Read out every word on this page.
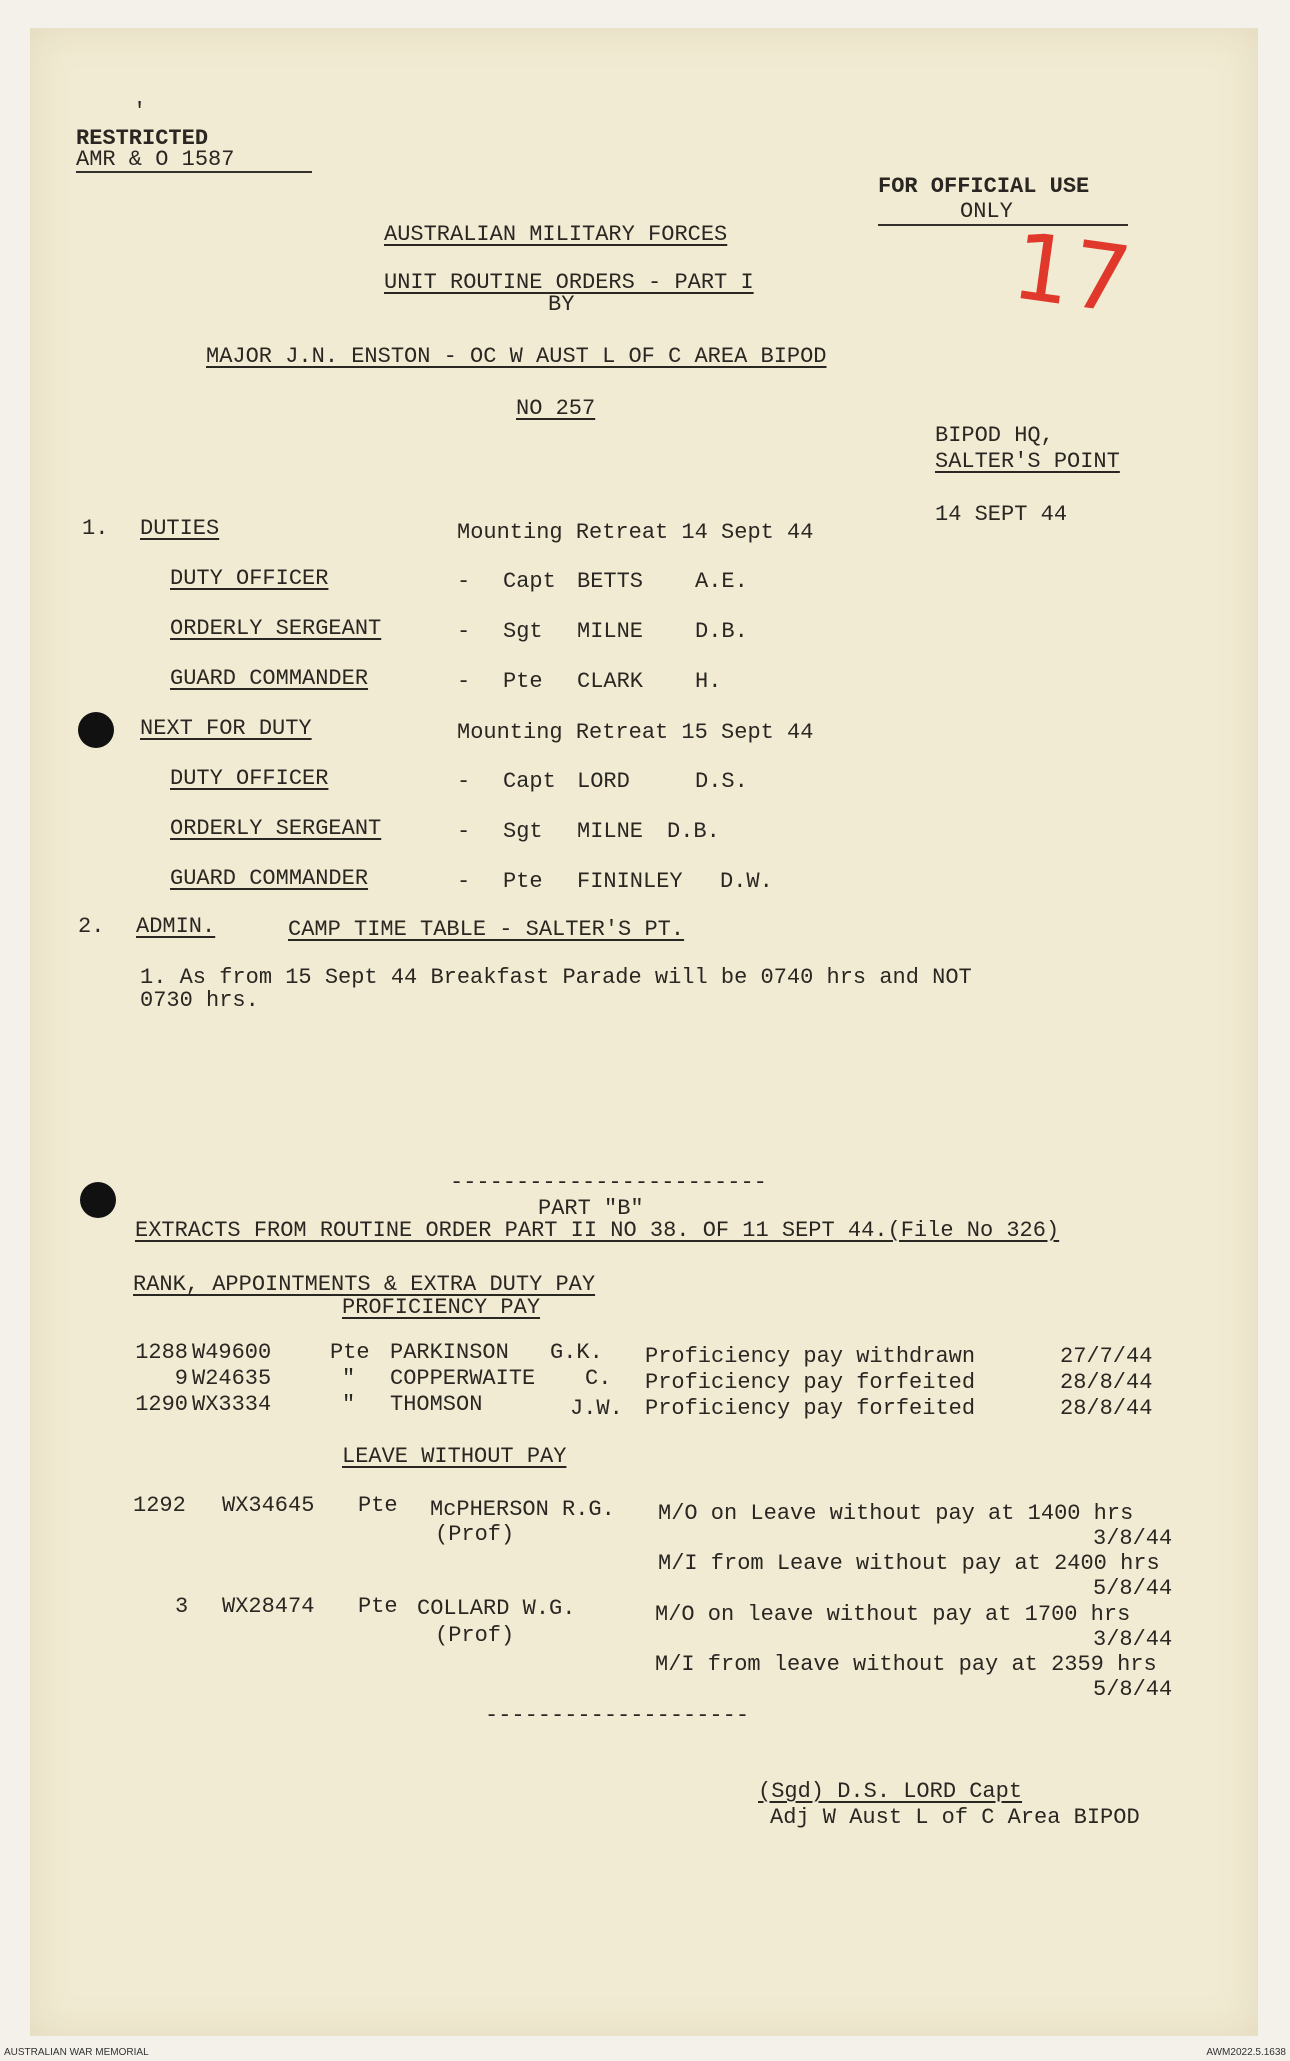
'
RESTRICTED
AMR & O 1587
FOR OFFICIAL USE
ONLY
17
AUSTRALIAN MILITARY FORCES
UNIT ROUTINE ORDERS - PART I
BY
MAJOR J.N. ENSTON - OC W AUST L OF C AREA BIPOD
NO 257
BIPOD HQ,
SALTER'S POINT
14 SEPT 44
1. DUTIES	Mounting Retreat 14 Sept 44
DUTY OFFICER	- Capt BETTS A.E.
ORDERLY SERGEANT	- Sgt MILNE D.B.
GUARD COMMANDER	- Pte CLARK H.
NEXT FOR DUTY	Mounting Retreat 15 Sept 44
DUTY OFFICER	- Capt LORD	D.S.
ORDERLY SERGEANT	- Sgt MILNE D.B.
GUARD COMMANDER	- Pte FININLEY D.W.
2. ADMIN.	CAMP TIME TABLE - SALTER'S PT.
1. As from 15 Sept 44 Breakfast Parade will be 0740 hrs and NOT
0730 hrs.
------------------------
PART "B"
EXTRACTS FROM ROUTINE ORDER PART II NO 38. OF 11 SEPT 44.(File No 326)
RANK, APPOINTMENTS & EXTRA DUTY PAY
PROFICIENCY PAY
1288 W49600	Pte PARKINSON G.K. Proficiency pay withdrawn	27/7/44
9 W24635	" COPPERWAITE C. Proficiency pay forfeited	28/8/44
1290 WX3334	" THOMSON	J.W. Proficiency pay forfeited	28/8/44
LEAVE WITHOUT PAY
1292 WX34645 Pte McPHERSON R.G.
(Prof)
M/O on Leave without pay at 1400 hrs
3/8/44
M/I from Leave without pay at 2400 hrs
5/8/44
3 WX28474 Pte COLLARD W.G.
(Prof)
M/O on leave without pay at 1700 hrs
3/8/44
M/I from leave without pay at 2359 hrs
5/8/44
--------------------
(Sgd) D.S. LORD Capt
Adj W Aust L of C Area BIPOD
AUSTRALIAN WAR MEMORIAL	AWM2022.5.1638
